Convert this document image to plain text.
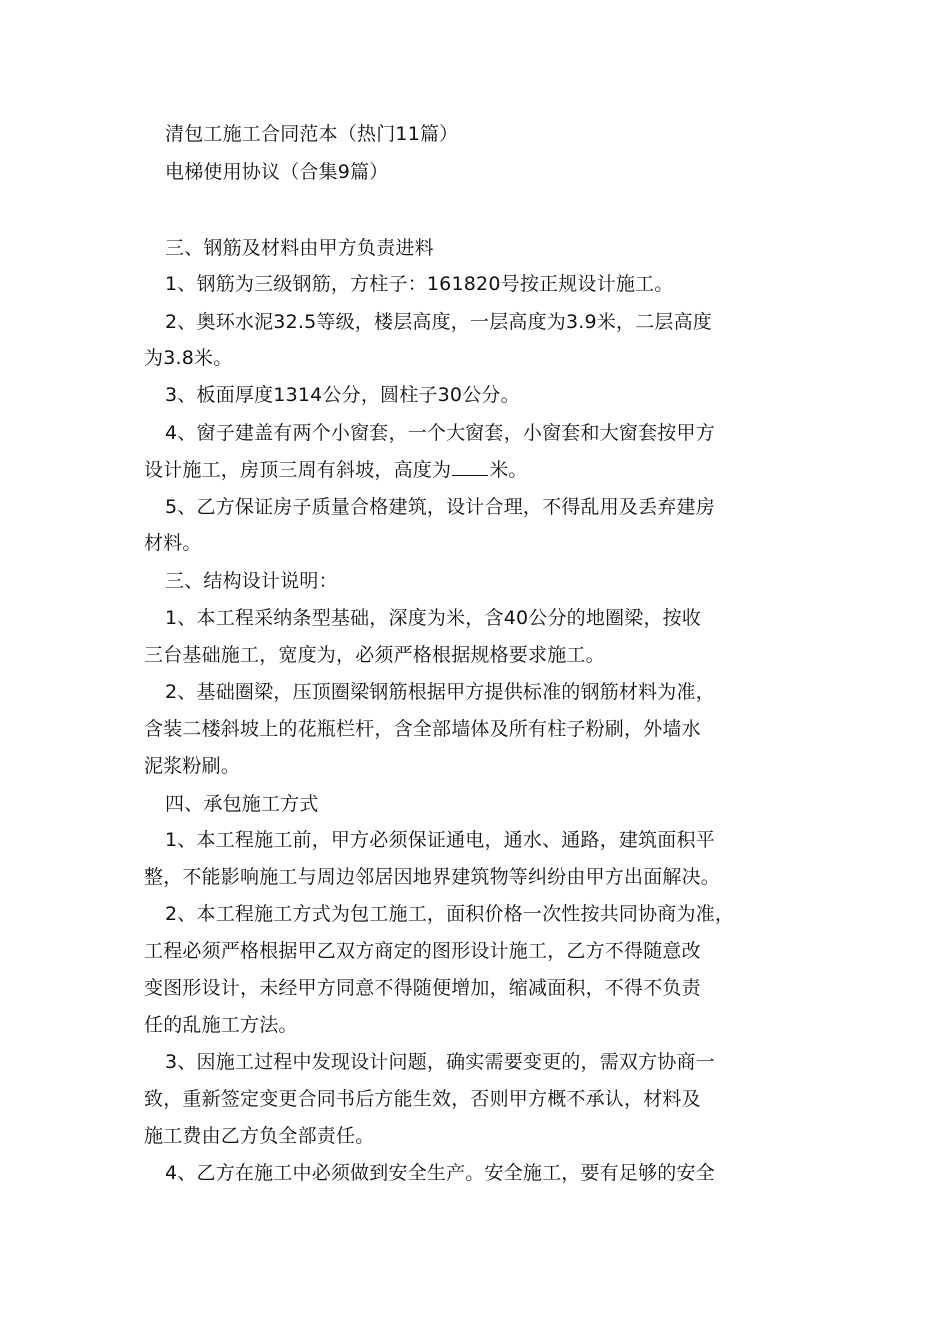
清包工施工合同范本（热门11篇）
电梯使用协议（合集9篇）
三、钢筋及材料由甲方负责进料
1、钢筋为三级钢筋，方柱子：161820号按正规设计施工。
2、奥环水泥32.5等级，楼层高度，一层高度为3.9米，二层高度
为3.8米。
3、板面厚度1314公分，圆柱子30公分。
4、窗子建盖有两个小窗套，一个大窗套，小窗套和大窗套按甲方
设计施工，房顶三周有斜坡，高度为 米。
5、乙方保证房子质量合格建筑，设计合理，不得乱用及丢弃建房
材料。
三、结构设计说明：
1、本工程采纳条型基础，深度为米，含40公分的地圈梁，按收
三台基础施工，宽度为，必须严格根据规格要求施工。
2、基础圈梁，压顶圈梁钢筋根据甲方提供标准的钢筋材料为准，
含装二楼斜坡上的花瓶栏杆，含全部墙体及所有柱子粉刷，外墙水
泥浆粉刷。
四、承包施工方式
1、本工程施工前，甲方必须保证通电，通水、通路，建筑面积平
整，不能影响施工与周边邻居因地界建筑物等纠纷由甲方出面解决。
2、本工程施工方式为包工施工，面积价格一次性按共同协商为准，
工程必须严格根据甲乙双方商定的图形设计施工，乙方不得随意改
变图形设计，未经甲方同意不得随便增加，缩减面积，不得不负责
任的乱施工方法。
3、因施工过程中发现设计问题，确实需要变更的，需双方协商一
致，重新签定变更合同书后方能生效，否则甲方概不承认，材料及
施工费由乙方负全部责任。
4、乙方在施工中必须做到安全生产。安全施工，要有足够的安全
